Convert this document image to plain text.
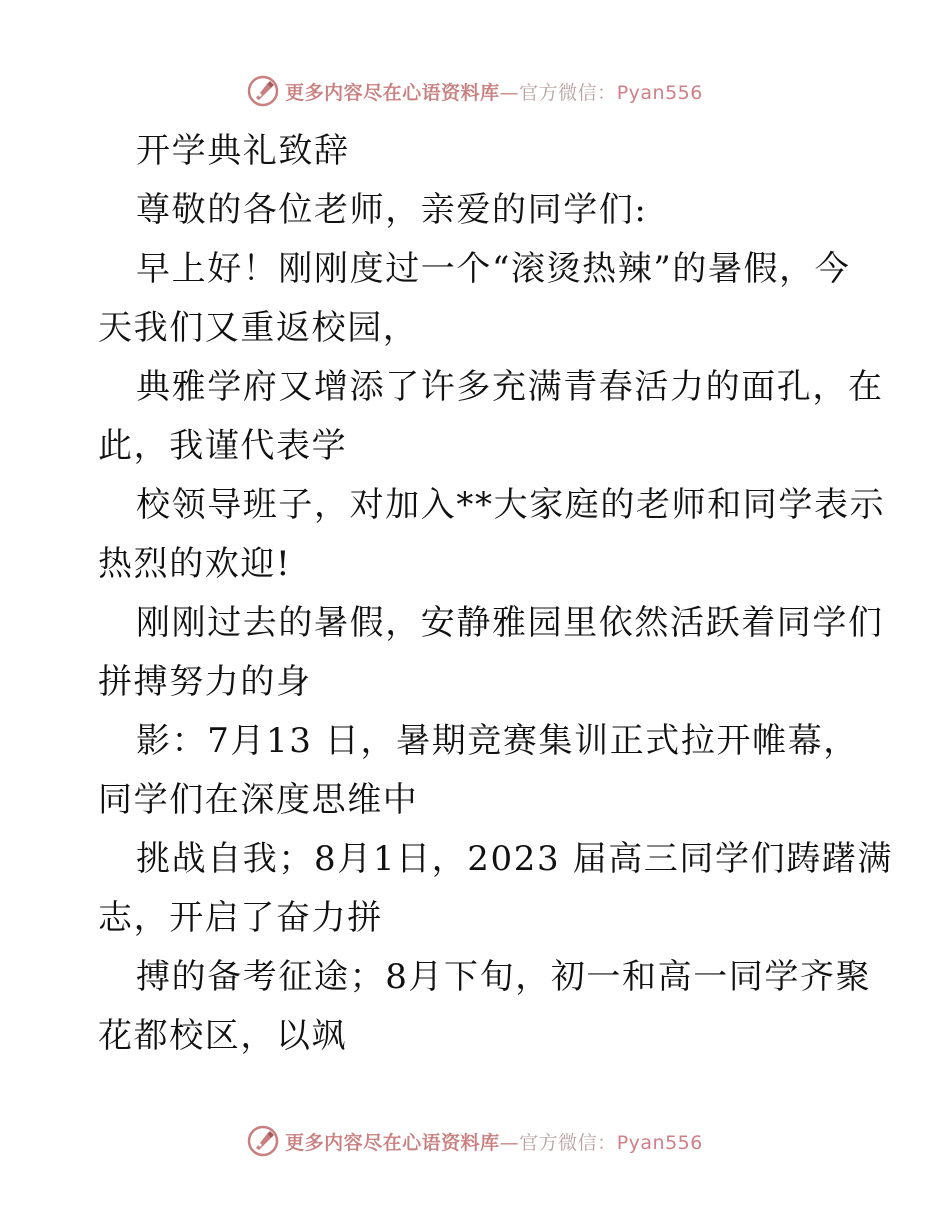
更多内容尽在心语资料库—官方微信：Pyan556
开学典礼致辞
尊敬的各位老师，亲爱的同学们:
早上好！刚刚度过一个“滚烫热辣”的暑假，今
天我们又重返校园，
典雅学府又增添了许多充满青春活力的面孔，在
此，我谨代表学
校领导班子，对加入**大家庭的老师和同学表示
热烈的欢迎!
刚刚过去的暑假，安静雅园里依然活跃着同学们
拼搏努力的身
影：7月13 日，暑期竞赛集训正式拉开帷幕，
同学们在深度思维中
挑战自我；8月1日，2023 届高三同学们踌躇满
志，开启了奋力拼
搏的备考征途；8月下旬，初一和高一同学齐聚
花都校区，以飒
更多内容尽在心语资料库—官方微信：Pyan556
